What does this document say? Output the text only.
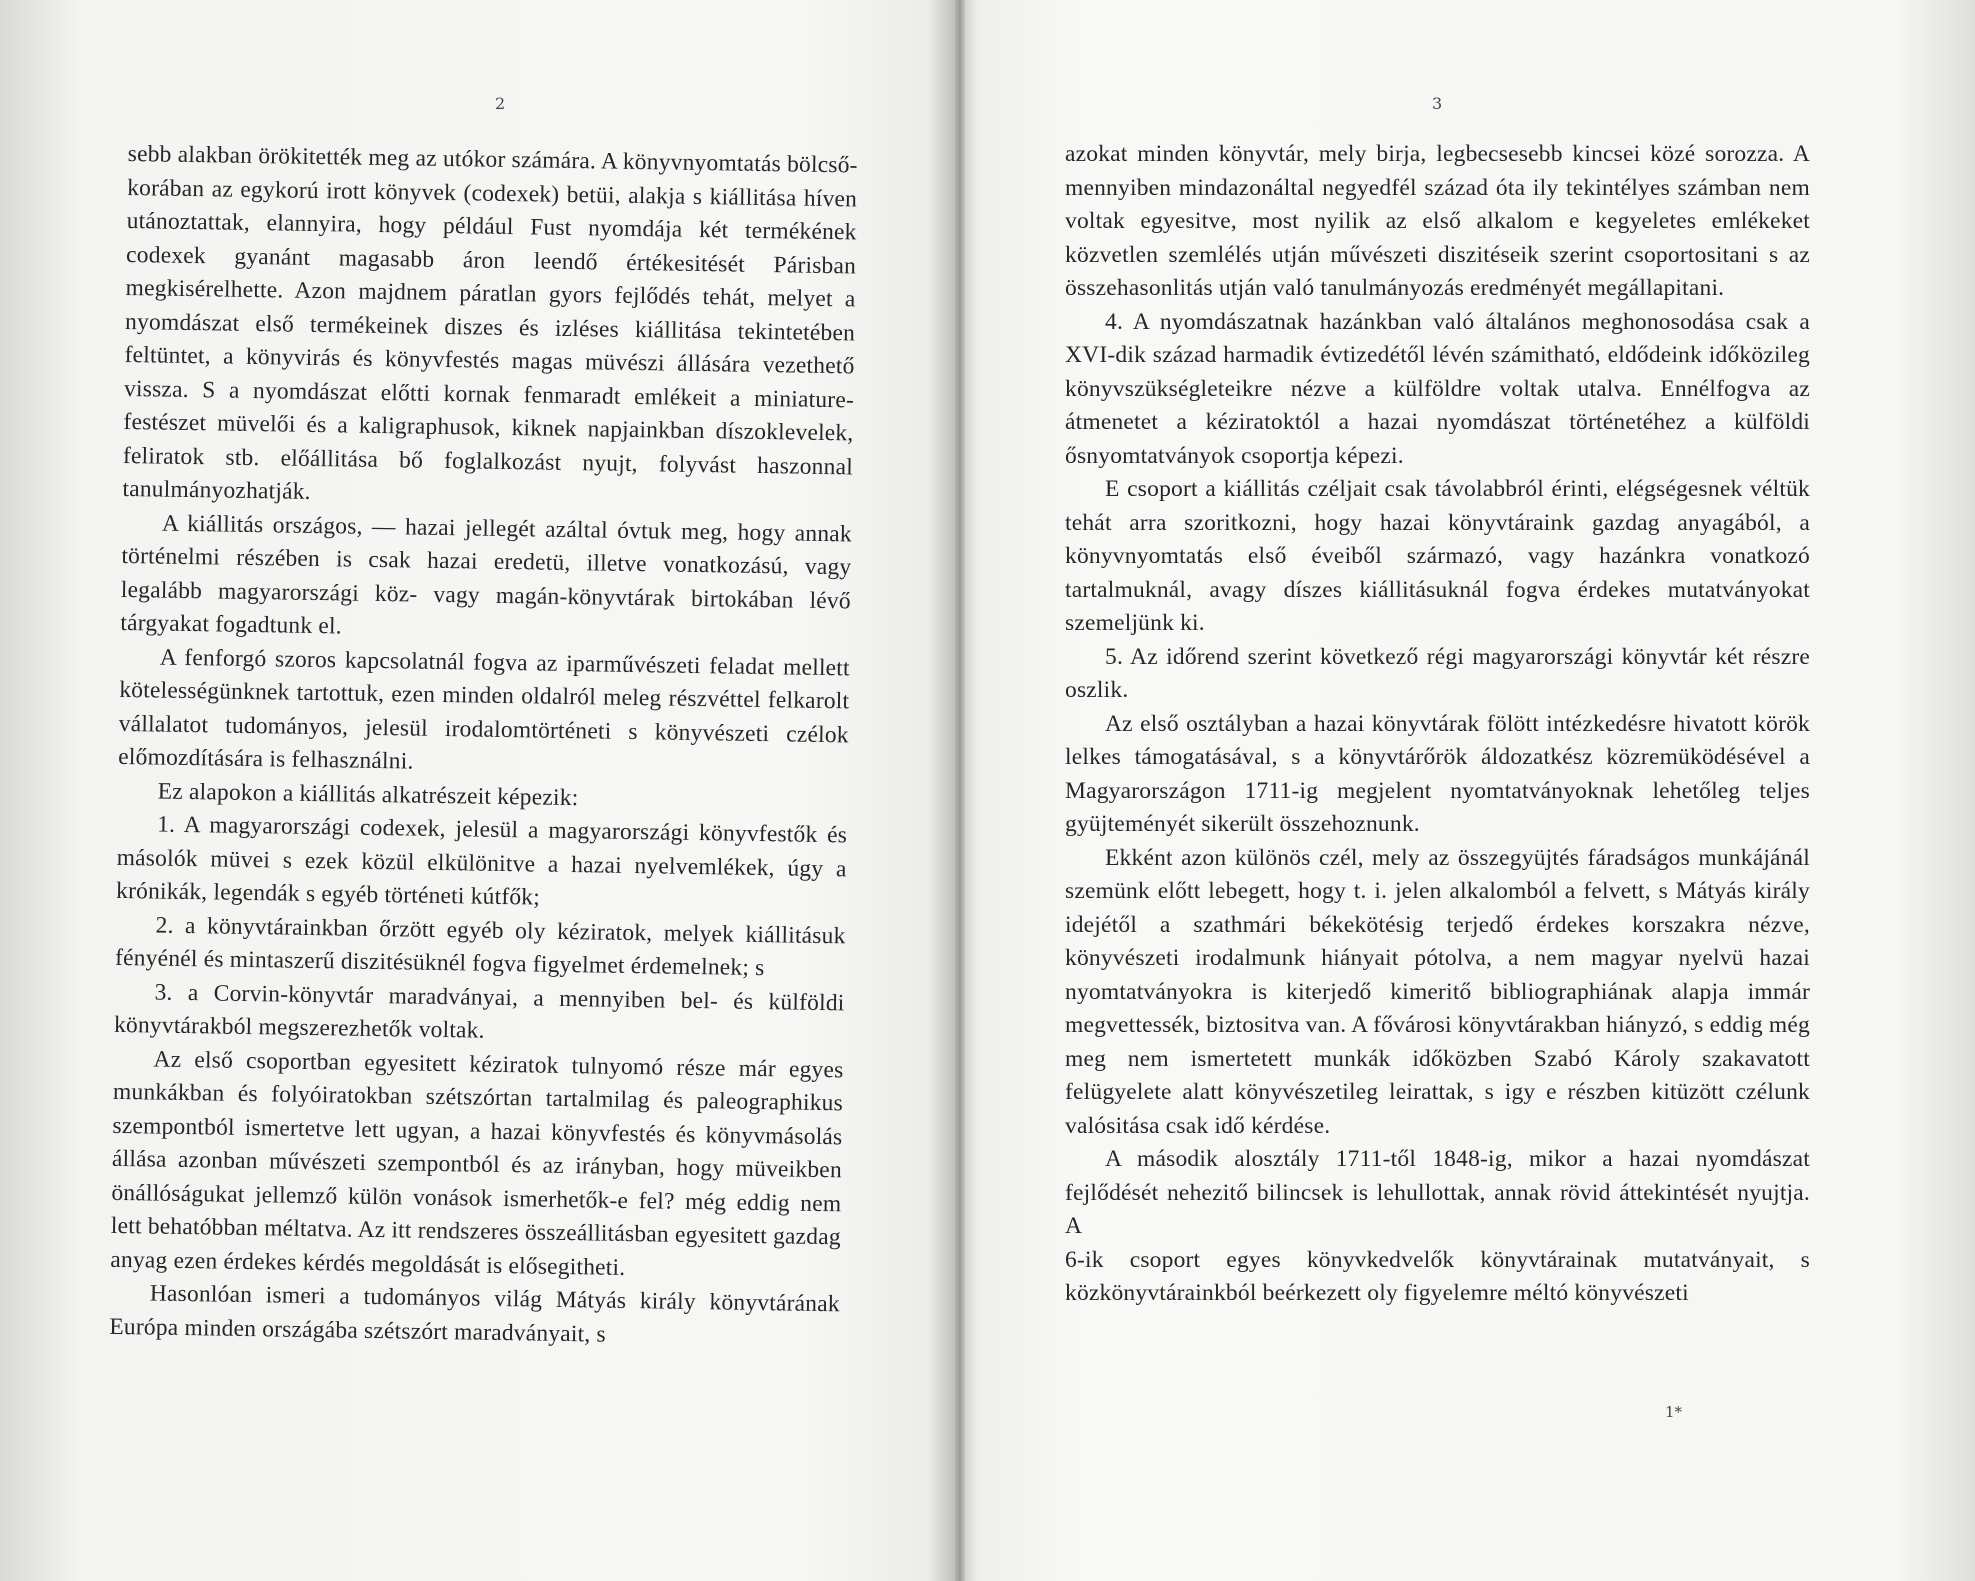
2

sebb alakban örökitették meg az utókor számára. A könyvnyomtatás bölcső-korában az egykorú irott könyvek (codexek) betüi, alakja s kiállitása híven utánoztattak, elannyira, hogy például Fust nyomdája két termékének codexek gyanánt magasabb áron leendő értékesitését Párisban megkisérelhette. Azon majdnem páratlan gyors fejlődés tehát, melyet a nyomdászat első termékeinek diszes és izléses kiállitása tekintetében feltüntet, a könyvirás és könyvfestés magas müvészi állására vezethető vissza. S a nyomdászat előtti kornak fenmaradt emlékeit a miniature-festészet müvelői és a kaligraphusok, kiknek napjainkban díszoklevelek, feliratok stb. előállitása bő foglalkozást nyujt, folyvást haszonnal tanulmányozhatják.

A kiállitás országos, — hazai jellegét azáltal óvtuk meg, hogy annak történelmi részében is csak hazai eredetü, illetve vonatkozású, vagy legalább magyarországi köz- vagy magán-könyvtárak birtokában lévő tárgyakat fogadtunk el.

A fenforgó szoros kapcsolatnál fogva az iparművészeti feladat mellett kötelességünknek tartottuk, ezen minden oldalról meleg részvéttel felkarolt vállalatot tudományos, jelesül irodalomtörténeti s könyvészeti czélok előmozdítására is felhasználni.

Ez alapokon a kiállitás alkatrészeit képezik:

1. A magyarországi codexek, jelesül a magyarországi könyvfestők és másolók müvei s ezek közül elkülönitve a hazai nyelvemlékek, úgy a krónikák, legendák s egyéb történeti kútfők;

2. a könyvtárainkban őrzött egyéb oly kéziratok, melyek kiállitásuk fényénél és mintaszerű diszitésüknél fogva figyelmet érdemelnek; s

3. a Corvin-könyvtár maradványai, a mennyiben bel- és külföldi könyvtárakból megszerezhetők voltak.

Az első csoportban egyesitett kéziratok tulnyomó része már egyes munkákban és folyóiratokban szétszórtan tartalmilag és paleographikus szempontból ismertetve lett ugyan, a hazai könyvfestés és könyvmásolás állása azonban művészeti szempontból és az irányban, hogy müveikben önállóságukat jellemző külön vonások ismerhetők-e fel? még eddig nem lett behatóbban méltatva. Az itt rendszeres összeállitásban egyesitett gazdag anyag ezen érdekes kérdés megoldását is elősegitheti.

Hasonlóan ismeri a tudományos világ Mátyás király könyvtárának Európa minden országába szétszórt maradványait, s

3

azokat minden könyvtár, mely birja, legbecsesebb kincsei közé sorozza. A mennyiben mindazonáltal negyedfél század óta ily tekintélyes számban nem voltak egyesitve, most nyilik az első alkalom e kegyeletes emlékeket közvetlen szemlélés utján művészeti diszitéseik szerint csoportositani s az összehasonlitás utján való tanulmányozás eredményét megállapitani.

4. A nyomdászatnak hazánkban való általános meghonosodása csak a XVI-dik század harmadik évtizedétől lévén számitható, eldődeink időközileg könyvszükségleteikre nézve a külföldre voltak utalva. Ennélfogva az átmenetet a kéziratoktól a hazai nyomdászat történetéhez a külföldi ősnyomtatványok csoportja képezi.

E csoport a kiállitás czéljait csak távolabbról érinti, elégségesnek véltük tehát arra szoritkozni, hogy hazai könyvtáraink gazdag anyagából, a könyvnyomtatás első éveiből származó, vagy hazánkra vonatkozó tartalmuknál, avagy díszes kiállitásuknál fogva érdekes mutatványokat szemeljünk ki.

5. Az időrend szerint következő régi magyarországi könyvtár két részre oszlik.

Az első osztályban a hazai könyvtárak fölött intézkedésre hivatott körök lelkes támogatásával, s a könyvtárőrök áldozatkész közremüködésével a Magyarországon 1711-ig megjelent nyomtatványoknak lehetőleg teljes gyüjteményét sikerült összehoznunk.

Ekként azon különös czél, mely az összegyüjtés fáradságos munkájánál szemünk előtt lebegett, hogy t. i. jelen alkalomból a felvett, s Mátyás király idejétől a szathmári békekötésig terjedő érdekes korszakra nézve, könyvészeti irodalmunk hiányait pótolva, a nem magyar nyelvü hazai nyomtatványokra is kiterjedő kimeritő bibliographiának alapja immár megvettessék, biztositva van. A fővárosi könyvtárakban hiányzó, s eddig még meg nem ismertetett munkák időközben Szabó Károly szakavatott felügyelete alatt könyvészetileg leirattak, s igy e részben kitüzött czélunk valósitása csak idő kérdése.

A második alosztály 1711-től 1848-ig, mikor a hazai nyomdászat fejlődését nehezitő bilincsek is lehullottak, annak rövid áttekintését nyujtja. A

6-ik csoport egyes könyvkedvelők könyvtárainak mutatványait, s közkönyvtárainkból beérkezett oly figyelemre méltó könyvészeti

1*
